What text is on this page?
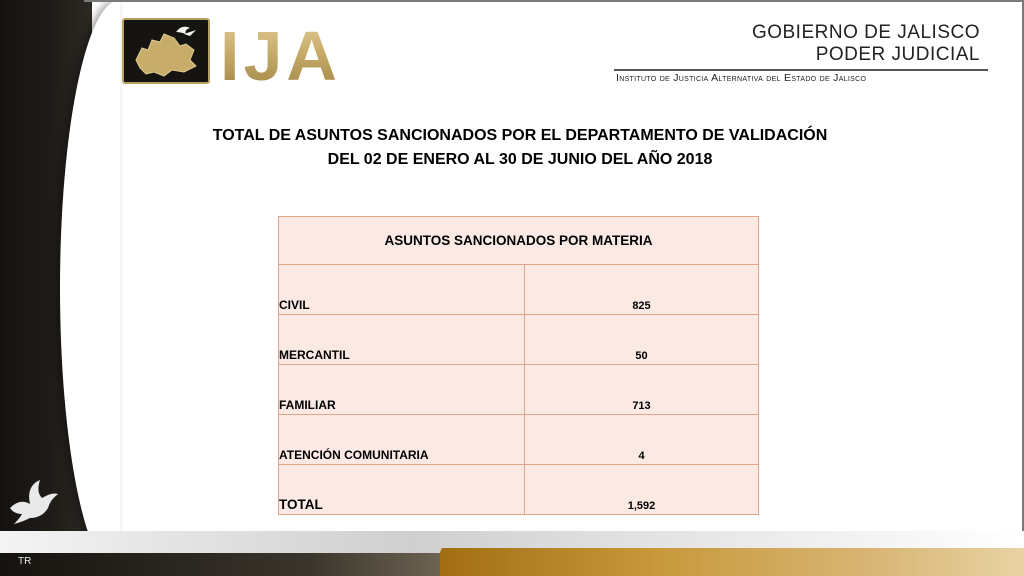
IJA	GOBIERNO DE JALISCO
PODER JUDICIAL
Instituto de Justicia Alternativa del Estado de Jalisco
TOTAL DE ASUNTOS SANCIONADOS POR EL DEPARTAMENTO DE VALIDACIÓN
DEL 02 DE ENERO AL 30 DE JUNIO DEL AÑO 2018
ASUNTOS SANCIONADOS POR MATERIA	
CIVIL	825
MERCANTIL	50
FAMILIAR	713
ATENCIÓN COMUNITARIA	4
TOTAL	1,592
TR
